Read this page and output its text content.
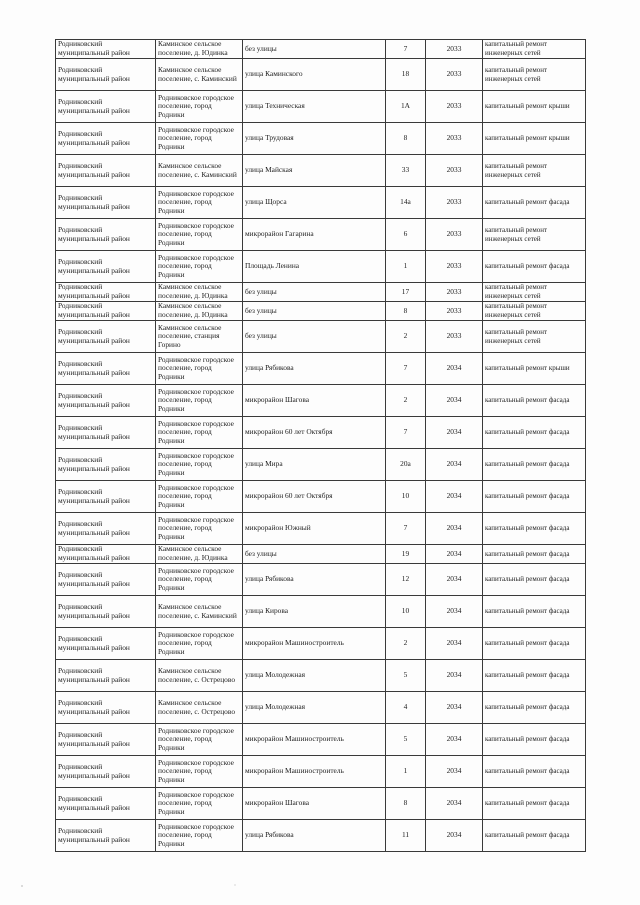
Родниковский муниципальный район	Каминское сельское поселение, д. Юдинка	без улицы	7	2033	капитальный ремонт инженерных сетей
Родниковский муниципальный район	Каминское сельское поселение, с. Каминский	улица Каминского	18	2033	капитальный ремонт инженерных сетей
Родниковский муниципальный район	Родниковское городское поселение, город Родники	улица Техническая	1А	2033	капитальный ремонт крыши
Родниковский муниципальный район	Родниковское городское поселение, город Родники	улица Трудовая	8	2033	капитальный ремонт крыши
Родниковский муниципальный район	Каминское сельское поселение, с. Каминский	улица Майская	33	2033	капитальный ремонт инженерных сетей
Родниковский муниципальный район	Родниковское городское поселение, город Родники	улица Щорса	14а	2033	капитальный ремонт фасада
Родниковский муниципальный район	Родниковское городское поселение, город Родники	микрорайон Гагарина	6	2033	капитальный ремонт инженерных сетей
Родниковский муниципальный район	Родниковское городское поселение, город Родники	Площадь Ленина	1	2033	капитальный ремонт фасада
Родниковский муниципальный район	Каминское сельское поселение, д. Юдинка	без улицы	17	2033	капитальный ремонт инженерных сетей
Родниковский муниципальный район	Каминское сельское поселение, д. Юдинка	без улицы	8	2033	капитальный ремонт инженерных сетей
Родниковский муниципальный район	Каминское сельское поселение, станция Горино	без улицы	2	2033	капитальный ремонт инженерных сетей
Родниковский муниципальный район	Родниковское городское поселение, город Родники	улица Рябикова	7	2034	капитальный ремонт крыши
Родниковский муниципальный район	Родниковское городское поселение, город Родники	микрорайон Шагова	2	2034	капитальный ремонт фасада
Родниковский муниципальный район	Родниковское городское поселение, город Родники	микрорайон 60 лет Октября	7	2034	капитальный ремонт фасада
Родниковский муниципальный район	Родниковское городское поселение, город Родники	улица Мира	20а	2034	капитальный ремонт фасада
Родниковский муниципальный район	Родниковское городское поселение, город Родники	микрорайон 60 лет Октября	10	2034	капитальный ремонт фасада
Родниковский муниципальный район	Родниковское городское поселение, город Родники	микрорайон Южный	7	2034	капитальный ремонт фасада
Родниковский муниципальный район	Каминское сельское поселение, д. Юдинка	без улицы	19	2034	капитальный ремонт фасада
Родниковский муниципальный район	Родниковское городское поселение, город Родники	улица Рябикова	12	2034	капитальный ремонт фасада
Родниковский муниципальный район	Каминское сельское поселение, с. Каминский	улица Кирова	10	2034	капитальный ремонт фасада
Родниковский муниципальный район	Родниковское городское поселение, город Родники	микрорайон Машиностроитель	2	2034	капитальный ремонт фасада
Родниковский муниципальный район	Каминское сельское поселение, с. Острецово	улица Молодежная	5	2034	капитальный ремонт фасада
Родниковский муниципальный район	Каминское сельское поселение, с. Острецово	улица Молодежная	4	2034	капитальный ремонт фасада
Родниковский муниципальный район	Родниковское городское поселение, город Родники	микрорайон Машиностроитель	5	2034	капитальный ремонт фасада
Родниковский муниципальный район	Родниковское городское поселение, город Родники	микрорайон Машиностроитель	1	2034	капитальный ремонт фасада
Родниковский муниципальный район	Родниковское городское поселение, город Родники	микрорайон Шагова	8	2034	капитальный ремонт фасада
Родниковский муниципальный район	Родниковское городское поселение, город Родники	улица Рябикова	11	2034	капитальный ремонт фасада
